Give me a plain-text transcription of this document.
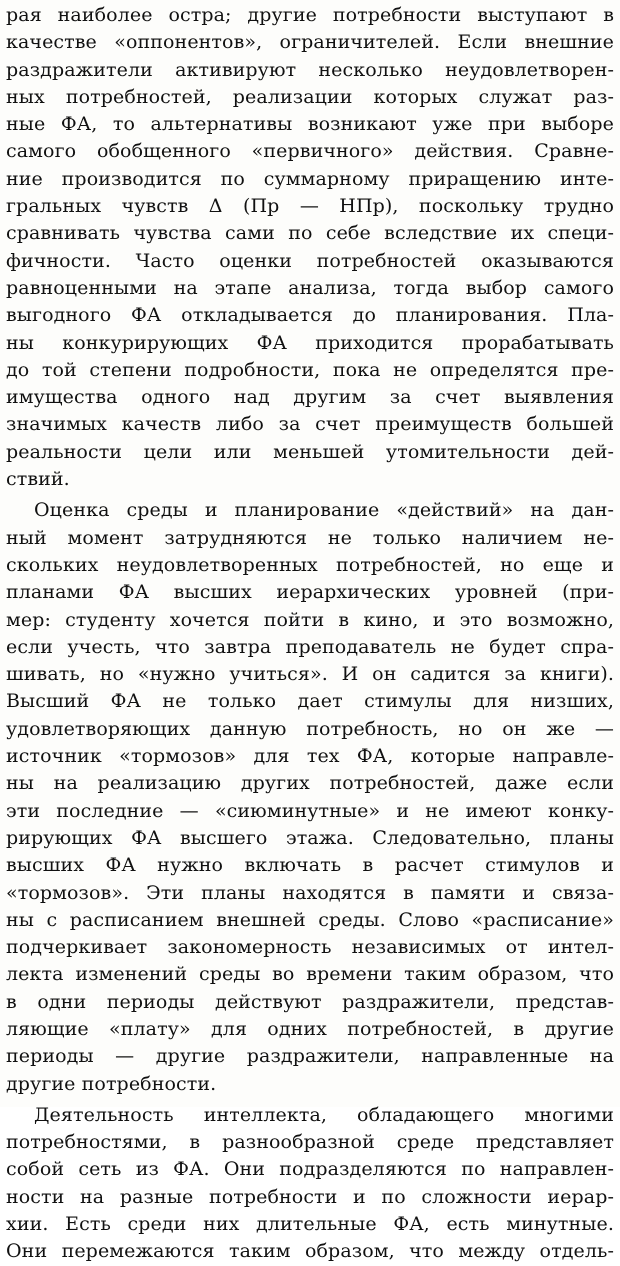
рая наиболее острa; другие потребности выступают в
качестве «оппонентов», ограничителей. Если внешние
раздражители активируют несколько неудовлетворен-
ных потребностей, реализации которых служат раз-
ные ФА, то альтернативы возникают уже при выборе
самого обобщенного «первичного» действия. Сравне-
ние производится по суммарному приращению инте-
гральных чувств Δ (Пр — НПр), поскольку трудно
сравнивать чувства сами по себе вследствие их специ-
фичности. Часто оценки потребностей оказываются
равноценными на этапе анализа, тогда выбор самого
выгодного ФА откладывается до планирования. Пла-
ны конкурирующих ФА приходится прорабатывать
до той степени подробности, пока не определятся пре-
имущества одного над другим за счет выявления
значимых качеств либо за счет преимуществ большей
реальности цели или меньшей утомительности дей-
ствий.
Оценка среды и планирование «действий» на дан-
ный момент затрудняются не только наличием не-
скольких неудовлетворенных потребностей, но еще и
планами ФА высших иерархических уровней (при-
мер: студенту хочется пойти в кино, и это возможно,
если учесть, что завтра преподаватель не будет спра-
шивать, но «нужно учиться». И он садится за книги).
Высший ФА не только дает стимулы для низших,
удовлетворяющих данную потребность, но он же —
источник «тормозов» для тех ФА, которые направле-
ны на реализацию других потребностей, даже если
эти последние — «сиюминутные» и не имеют конку-
рирующих ФА высшего этажа. Следовательно, планы
высших ФА нужно включать в расчет стимулов и
«тормозов». Эти планы находятся в памяти и связа-
ны с расписанием внешней среды. Слово «расписание»
подчеркивает закономерность независимых от интел-
лекта изменений среды во времени таким образом, что
в одни периоды действуют раздражители, представ-
ляющие «плату» для одних потребностей, в другие
периоды — другие раздражители, направленные на
другие потребности.
Деятельность интеллекта, обладающего многими
потребностями, в разнообразной среде представляет
собой сеть из ФА. Они подразделяются по направлен-
ности на разные потребности и по сложности иерар-
хии. Есть среди них длительные ФА, есть минутные.
Они перемежаются таким образом, что между отдель-
